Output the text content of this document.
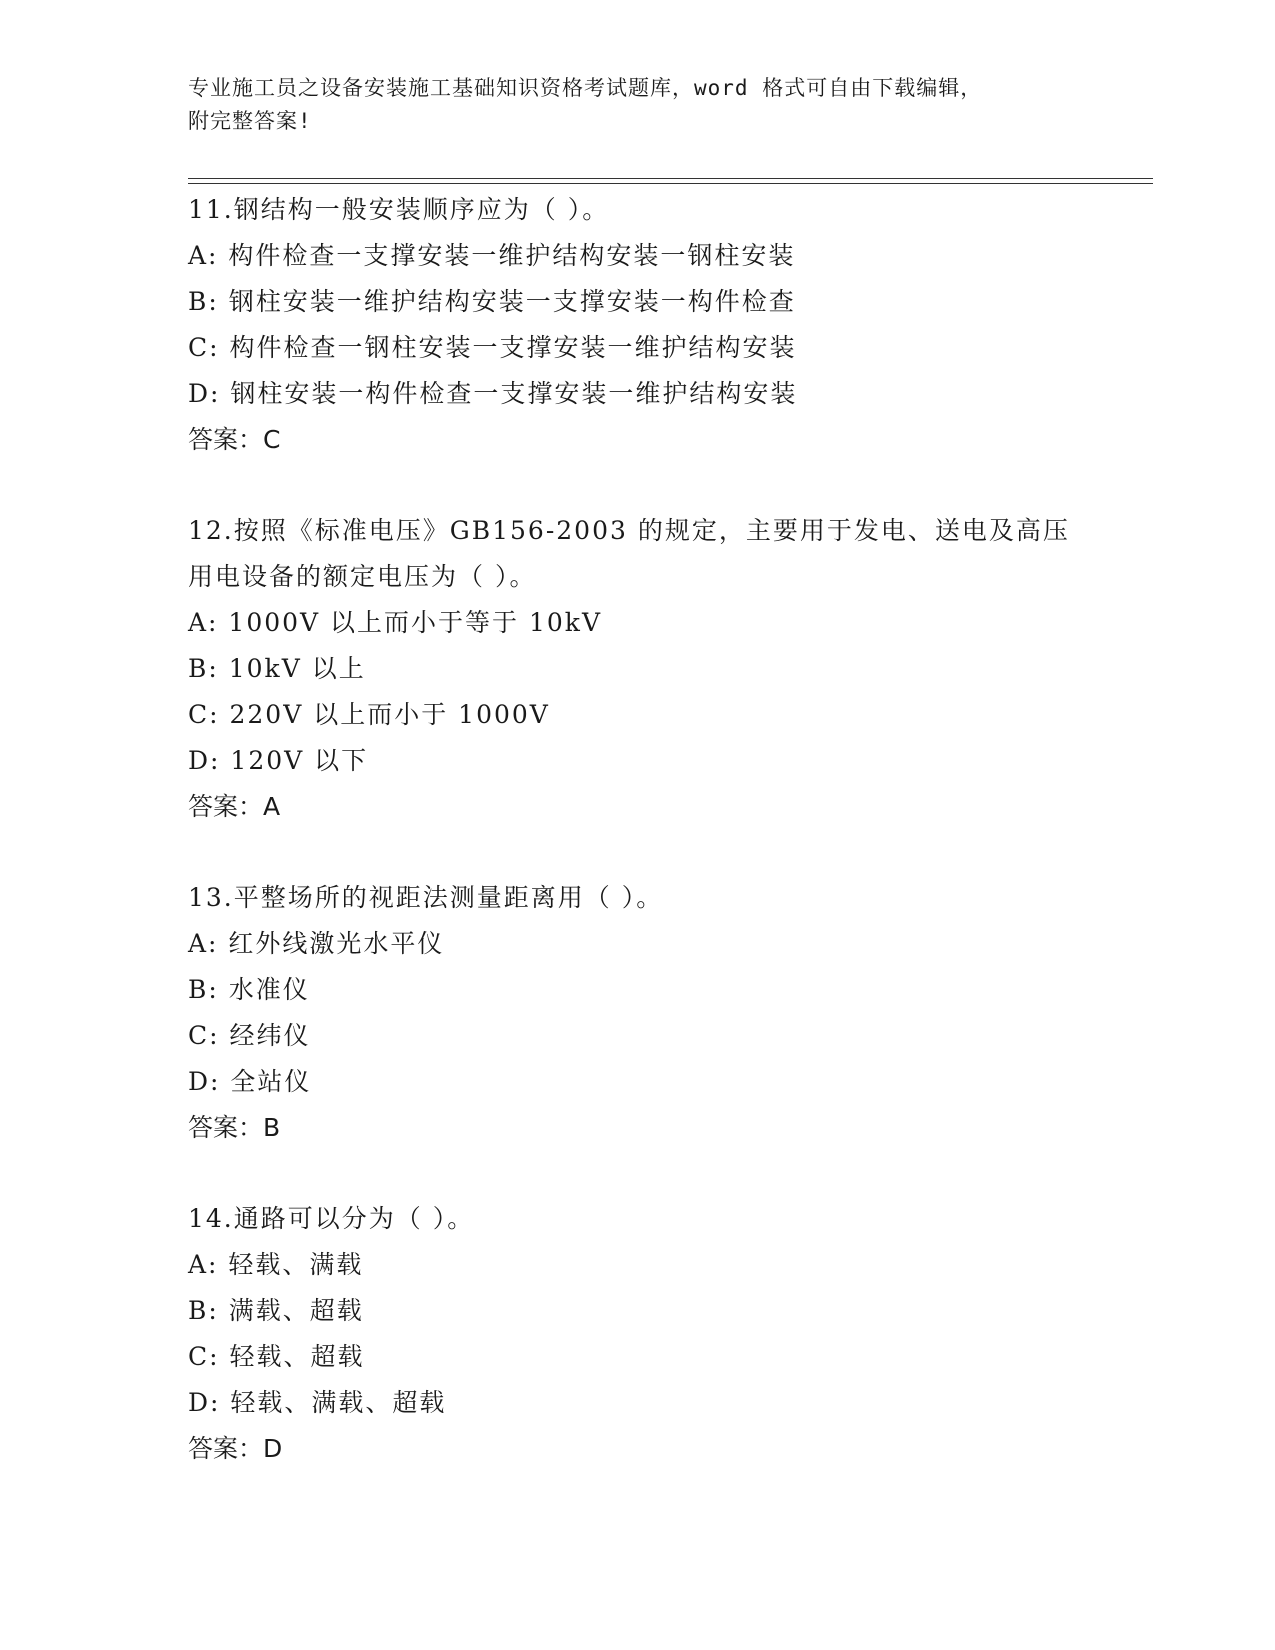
专业施工员之设备安装施工基础知识资格考试题库，word 格式可自由下载编辑，
附完整答案!
11.钢结构一般安装顺序应为（ ）。
A: 构件检查一支撑安装一维护结构安装一钢柱安装
B: 钢柱安装一维护结构安装一支撑安装一构件检查
C: 构件检查一钢柱安装一支撑安装一维护结构安装
D: 钢柱安装一构件检查一支撑安装一维护结构安装
答案：C
12.按照《标准电压》GB156-2003 的规定，主要用于发电、送电及高压
用电设备的额定电压为（ ）。
A: 1000V 以上而小于等于 10kV
B: 10kV 以上
C: 220V 以上而小于 1000V
D: 120V 以下
答案：A
13.平整场所的视距法测量距离用（ ）。
A: 红外线激光水平仪
B: 水准仪
C: 经纬仪
D: 全站仪
答案：B
14.通路可以分为（ ）。
A: 轻载、满载
B: 满载、超载
C: 轻载、超载
D: 轻载、满载、超载
答案：D
